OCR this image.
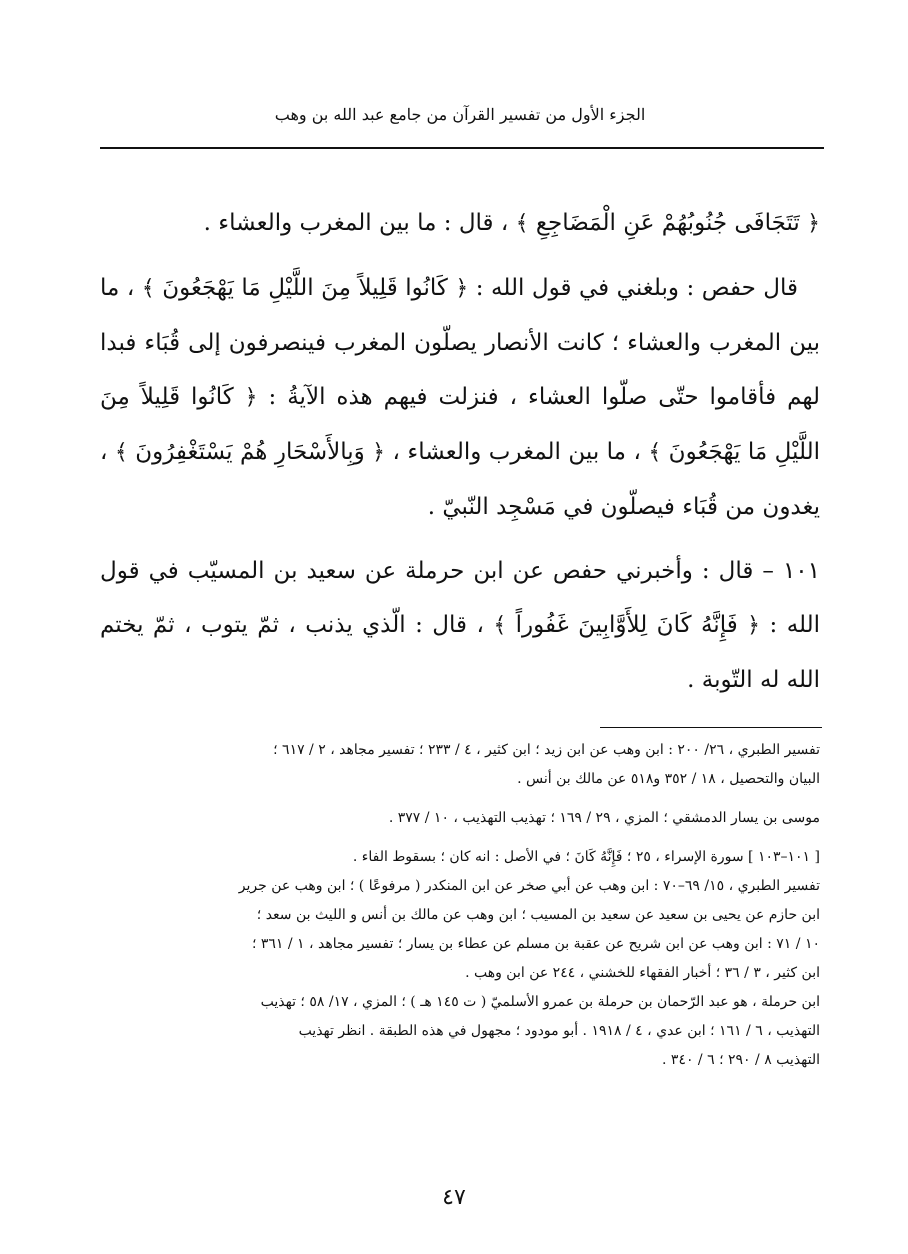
الجزء الأول من تفسير القرآن من جامع عبد الله بن وهب

﴿ تَتَجَافَى جُنُوبُهُمْ عَنِ الْمَضَاجِعِ ﴾ ، قال : ما بين المغرب والعشاء .

قال حفص : وبلغني في قول الله : ﴿ كَانُوا قَلِيلاً مِنَ اللَّيْلِ مَا يَهْجَعُونَ ﴾ ، ما بين المغرب والعشاء ؛ كانت الأنصار يصلّون المغرب فينصرفون إلى قُبَاء فبدا لهم فأقاموا حتّى صلّوا العشاء ، فنزلت فيهم هذه الآيةُ : ﴿ كَانُوا قَلِيلاً مِنَ اللَّيْلِ مَا يَهْجَعُونَ ﴾ ، ما بين المغرب والعشاء ، ﴿ وَبِالأَسْحَارِ هُمْ يَسْتَغْفِرُونَ ﴾ ، يغدون من قُبَاء فيصلّون في مَسْجِد النّبيّ .

١٠١ – قال : وأخبرني حفص عن ابن حرملة عن سعيد بن المسيّب في قول الله : ﴿ فَإِنَّهُ كَانَ لِلأَوَّابِينَ غَفُوراً ﴾ ، قال : الّذي يذنب ، ثمّ يتوب ، ثمّ يختم الله له التّوبة .

تفسير الطبري ، ٢٦/ ٢٠٠ : ابن وهب عن ابن زيد ؛ ابن كثير ، ٤ / ٢٣٣ ؛ تفسير مجاهد ، ٢ / ٦١٧ ؛

البيان والتحصيل ، ١٨ / ٣٥٢ و٥١٨ عن مالك بن أنس .

موسى بن يسار الدمشقي ؛ المزي ، ٢٩ / ١٦٩ ؛ تهذيب التهذيب ، ١٠ / ٣٧٧ .

[ ١٠١–١٠٣ ] سورة الإسراء ، ٢٥ ؛ فَإِنَّهُ كَانَ ؛ في الأصل : انه كان ؛ بسقوط الفاء .

تفسير الطبري ، ١٥/ ٦٩–٧٠ : ابن وهب عن أبي صخر عن ابن المنكدر ( مرفوعًا ) ؛ ابن وهب عن جرير

ابن حازم عن يحيى بن سعيد عن سعيد بن المسيب ؛ ابن وهب عن مالك بن أنس و الليث بن سعد ؛

١٠ / ٧١ : ابن وهب عن ابن شريح عن عقبة بن مسلم عن عطاء بن يسار ؛ تفسير مجاهد ، ١ / ٣٦١ ؛

ابن كثير ، ٣ / ٣٦ ؛ أخبار الفقهاء للخشني ، ٢٤٤ عن ابن وهب .

ابن حرملة ، هو عبد الرّحمان بن حرملة بن عمرو الأسلميّ ( ت ١٤٥ هـ ) ؛ المزي ، ١٧/ ٥٨ ؛ تهذيب

التهذيب ، ٦ / ١٦١ ؛ ابن عدي ، ٤ / ١٩١٨ . أبو مودود ؛ مجهول في هذه الطبقة . انظر تهذيب

التهذيب ٨ / ٢٩٠ ؛ ٦ / ٣٤٠ .

٤٧
